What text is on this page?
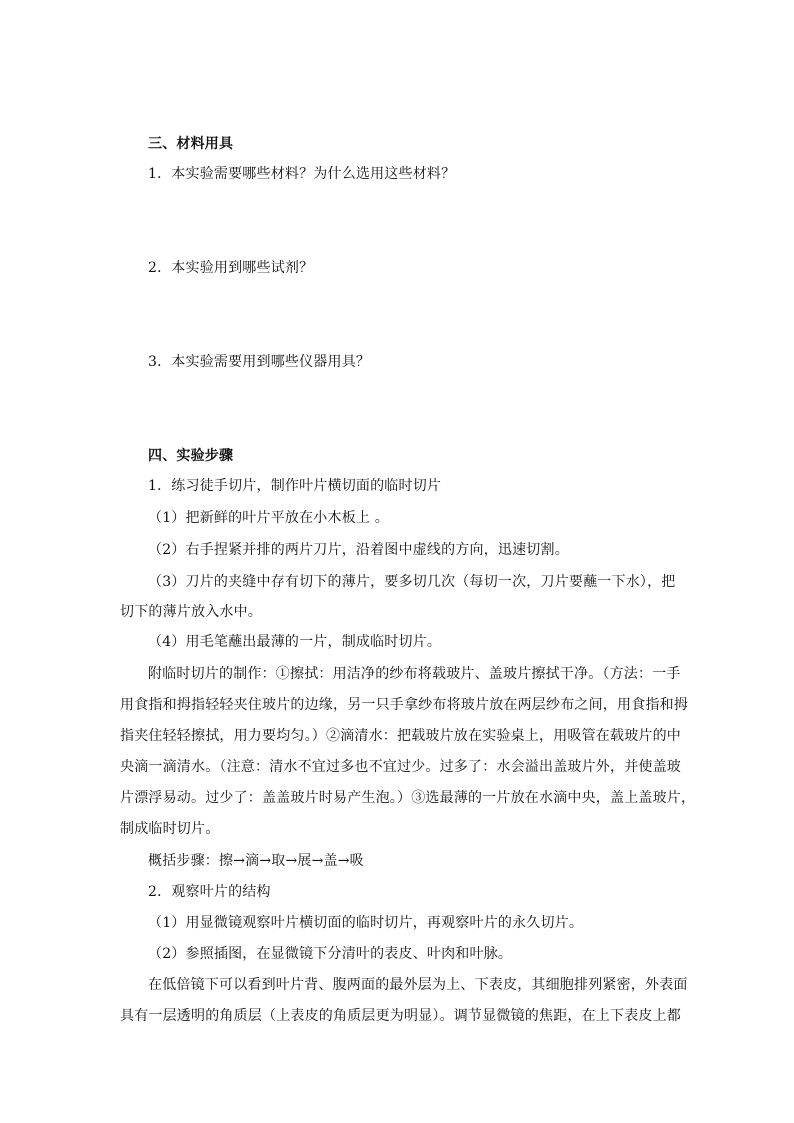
三、材料用具
1．本实验需要哪些材料？为什么选用这些材料？
2．本实验用到哪些试剂？
3．本实验需要用到哪些仪器用具？
四、实验步骤
1．练习徒手切片，制作叶片横切面的临时切片
（1）把新鲜的叶片平放在小木板上 。
（2）右手捏紧并排的两片刀片，沿着图中虚线的方向，迅速切割。
（3）刀片的夹缝中存有切下的薄片，要多切几次（每切一次，刀片要蘸一下水），把
切下的薄片放入水中。
（4）用毛笔蘸出最薄的一片，制成临时切片。
附临时切片的制作：①擦拭：用洁净的纱布将载玻片、盖玻片擦拭干净。（方法：一手
用食指和拇指轻轻夹住玻片的边缘，另一只手拿纱布将玻片放在两层纱布之间，用食指和拇
指夹住轻轻擦拭，用力要均匀。）②滴清水：把载玻片放在实验桌上，用吸管在载玻片的中
央滴一滴清水。（注意：清水不宜过多也不宜过少。过多了：水会溢出盖玻片外，并使盖玻
片漂浮易动。过少了：盖盖玻片时易产生泡。）③选最薄的一片放在水滴中央，盖上盖玻片，
制成临时切片。
概括步骤：擦→滴→取→展→盖→吸
2．观察叶片的结构
（1）用显微镜观察叶片横切面的临时切片，再观察叶片的永久切片。
（2）参照插图，在显微镜下分清叶的表皮、叶肉和叶脉。
在低倍镜下可以看到叶片背、腹两面的最外层为上、下表皮，其细胞排列紧密，外表面
具有一层透明的角质层（上表皮的角质层更为明显）。调节显微镜的焦距，在上下表皮上都
